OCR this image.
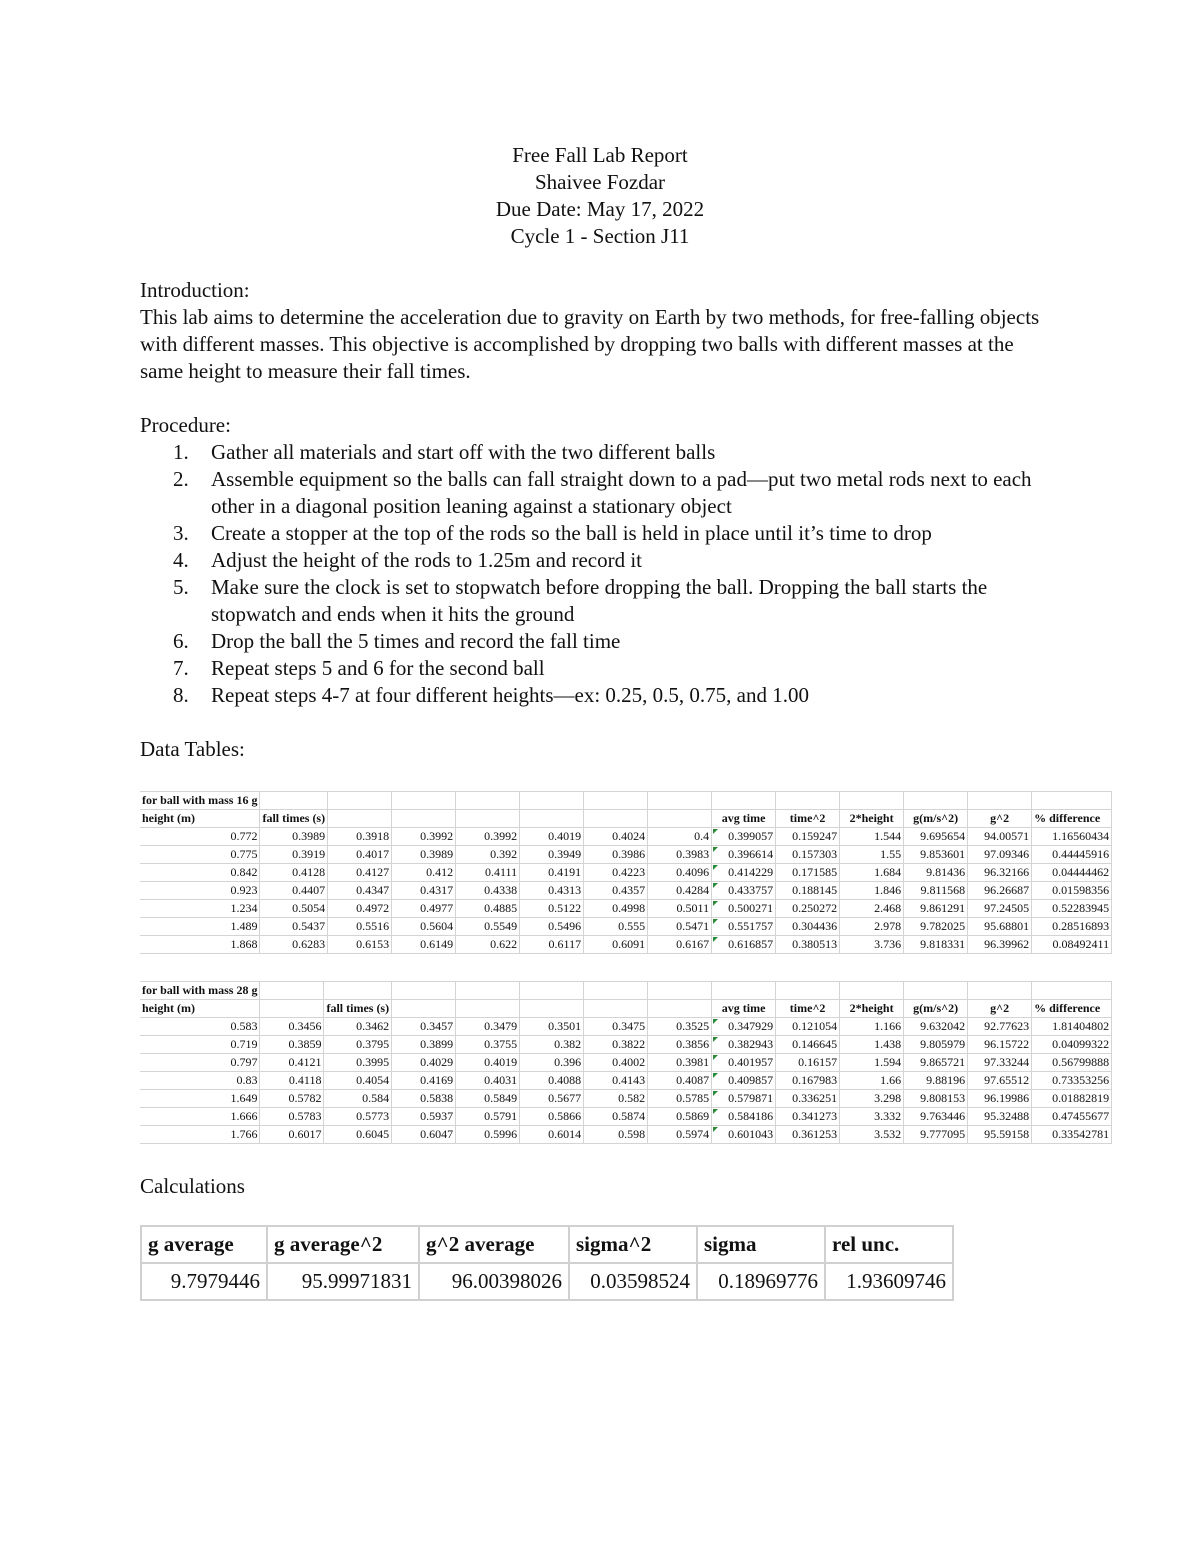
Free Fall Lab Report
Shaivee Fozdar
Due Date: May 17, 2022
Cycle 1 - Section J11
Introduction:

This lab aims to determine the acceleration due to gravity on Earth by two methods, for free-falling objects with different masses. This objective is accomplished by dropping two balls with different masses at the same height to measure their fall times.

Procedure:
1. Gather all materials and start off with the two different balls
2. Assemble equipment so the balls can fall straight down to a pad—put two metal rods next to each other in a diagonal position leaning against a stationary object
3. Create a stopper at the top of the rods so the ball is held in place until it’s time to drop
4. Adjust the height of the rods to 1.25m and record it
5. Make sure the clock is set to stopwatch before dropping the ball. Dropping the ball starts the stopwatch and ends when it hits the ground
6. Drop the ball the 5 times and record the fall time
7. Repeat steps 5 and 6 for the second ball
8. Repeat steps 4-7 at four different heights—ex: 0.25, 0.5, 0.75, and 1.00
Data Tables:
for ball with mass 16 g													
height (m)	fall times (s)							avg time	time^2	2*height	g(m/s^2)	g^2	% difference
0.772	0.3989	0.3918	0.3992	0.3992	0.4019	0.4024	0.4	0.399057	0.159247	1.544	9.695654	94.00571	1.16560434
0.775	0.3919	0.4017	0.3989	0.392	0.3949	0.3986	0.3983	0.396614	0.157303	1.55	9.853601	97.09346	0.44445916
0.842	0.4128	0.4127	0.412	0.4111	0.4191	0.4223	0.4096	0.414229	0.171585	1.684	9.81436	96.32166	0.04444462
0.923	0.4407	0.4347	0.4317	0.4338	0.4313	0.4357	0.4284	0.433757	0.188145	1.846	9.811568	96.26687	0.01598356
1.234	0.5054	0.4972	0.4977	0.4885	0.5122	0.4998	0.5011	0.500271	0.250272	2.468	9.861291	97.24505	0.52283945
1.489	0.5437	0.5516	0.5604	0.5549	0.5496	0.555	0.5471	0.551757	0.304436	2.978	9.782025	95.68801	0.28516893
1.868	0.6283	0.6153	0.6149	0.622	0.6117	0.6091	0.6167	0.616857	0.380513	3.736	9.818331	96.39962	0.08492411
for ball with mass 28 g													
height (m)		fall times (s)						avg time	time^2	2*height	g(m/s^2)	g^2	% difference
0.583	0.3456	0.3462	0.3457	0.3479	0.3501	0.3475	0.3525	0.347929	0.121054	1.166	9.632042	92.77623	1.81404802
0.719	0.3859	0.3795	0.3899	0.3755	0.382	0.3822	0.3856	0.382943	0.146645	1.438	9.805979	96.15722	0.04099322
0.797	0.4121	0.3995	0.4029	0.4019	0.396	0.4002	0.3981	0.401957	0.16157	1.594	9.865721	97.33244	0.56799888
0.83	0.4118	0.4054	0.4169	0.4031	0.4088	0.4143	0.4087	0.409857	0.167983	1.66	9.88196	97.65512	0.73353256
1.649	0.5782	0.584	0.5838	0.5849	0.5677	0.582	0.5785	0.579871	0.336251	3.298	9.808153	96.19986	0.01882819
1.666	0.5783	0.5773	0.5937	0.5791	0.5866	0.5874	0.5869	0.584186	0.341273	3.332	9.763446	95.32488	0.47455677
1.766	0.6017	0.6045	0.6047	0.5996	0.6014	0.598	0.5974	0.601043	0.361253	3.532	9.777095	95.59158	0.33542781
Calculations
g average	g average^2	g^2 average	sigma^2	sigma	rel unc.
9.7979446	95.99971831	96.00398026	0.03598524	0.18969776	1.93609746
